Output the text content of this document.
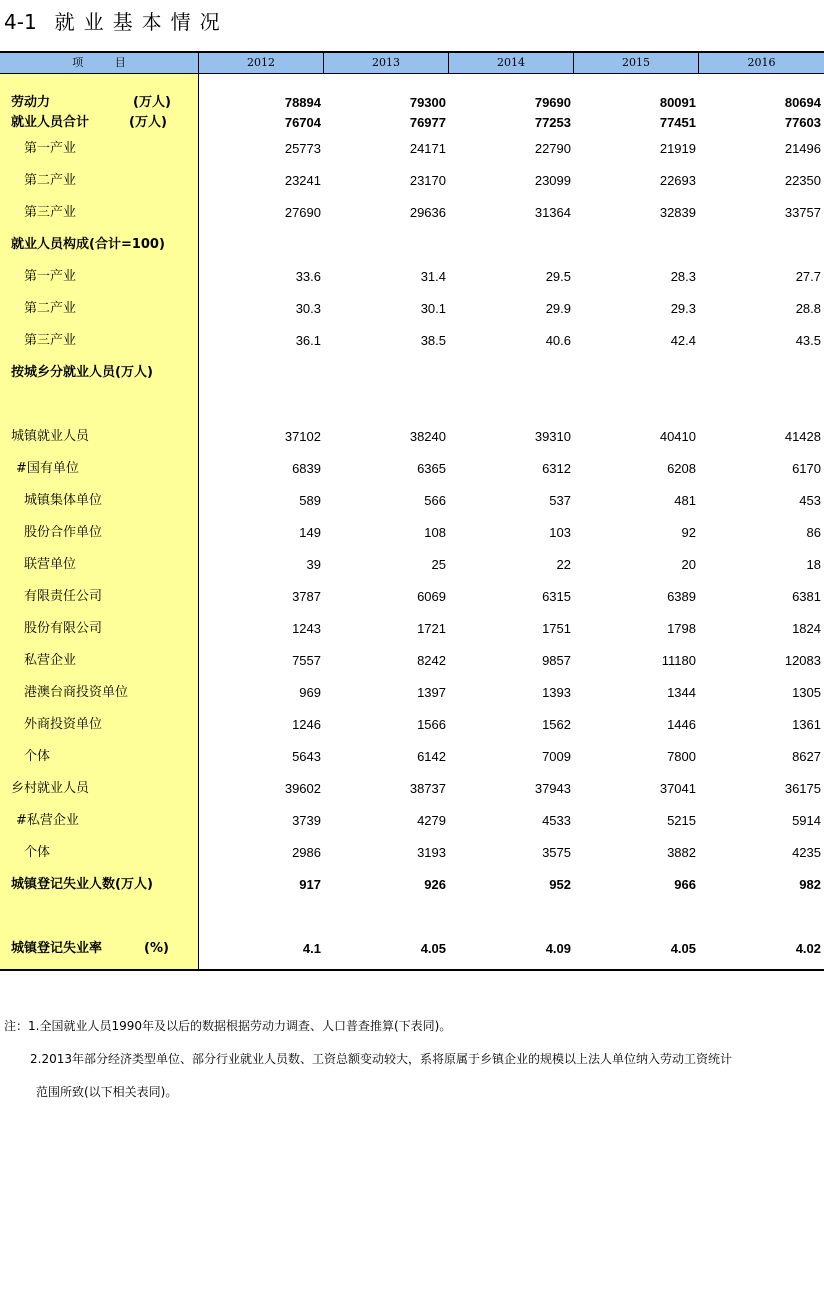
4-1 就业基本情况
项 目	2012	2013	2014	2015	2016
劳动力	(万人)	78894	79300	79690	80091	80694
就业人员合计	(万人)	76704	76977	77253	77451	77603
第一产业	25773	24171	22790	21919	21496
第二产业	23241	23170	23099	22693	22350
第三产业	27690	29636	31364	32839	33757
就业人员构成(合计=100)
第一产业	33.6	31.4	29.5	28.3	27.7
第二产业	30.3	30.1	29.9	29.3	28.8
第三产业	36.1	38.5	40.6	42.4	43.5
按城乡分就业人员(万人)
城镇就业人员	37102	38240	39310	40410	41428
#国有单位	6839	6365	6312	6208	6170
城镇集体单位	589	566	537	481	453
股份合作单位	149	108	103	92	86
联营单位	39	25	22	20	18
有限责任公司	3787	6069	6315	6389	6381
股份有限公司	1243	1721	1751	1798	1824
私营企业	7557	8242	9857	11180	12083
港澳台商投资单位	969	1397	1393	1344	1305
外商投资单位	1246	1566	1562	1446	1361
个体	5643	6142	7009	7800	8627
乡村就业人员	39602	38737	37943	37041	36175
#私营企业	3739	4279	4533	5215	5914
个体	2986	3193	3575	3882	4235
城镇登记失业人数(万人)	917	926	952	966	982
城镇登记失业率	(%)	4.1	4.05	4.09	4.05	4.02
注：1.全国就业人员1990年及以后的数据根据劳动力调查、人口普查推算(下表同)。
2.2013年部分经济类型单位、部分行业就业人员数、工资总额变动较大，系将原属于乡镇企业的规模以上法人单位纳入劳动工资统计
范围所致(以下相关表同)。
